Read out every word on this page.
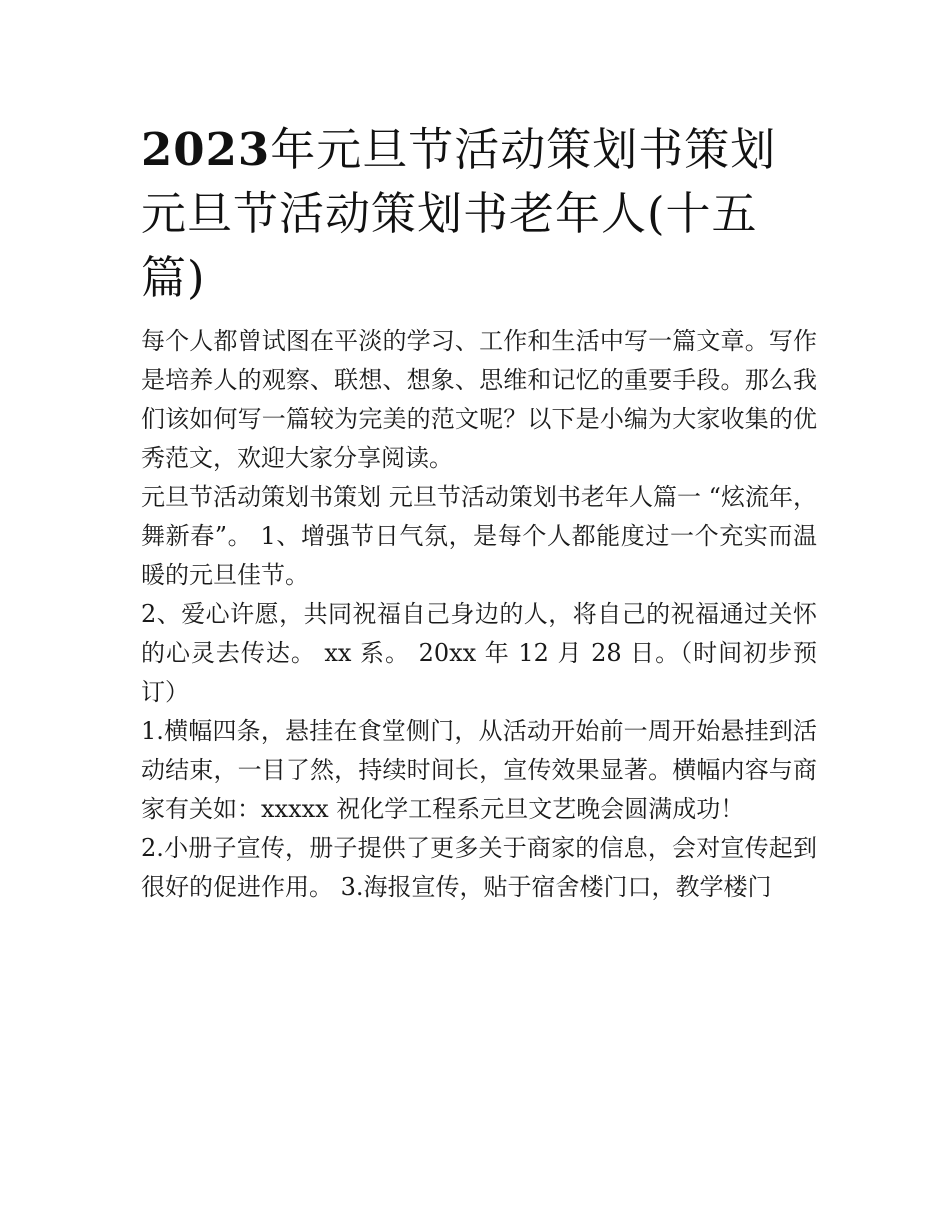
2023年元旦节活动策划书策划元旦节活动策划书老年人(十五篇)

每个人都曾试图在平淡的学习、工作和生活中写一篇文章。写作是培养人的观察、联想、想象、思维和记忆的重要手段。那么我们该如何写一篇较为完美的范文呢？以下是小编为大家收集的优秀范文，欢迎大家分享阅读。

元旦节活动策划书策划 元旦节活动策划书老年人篇一 “炫流年，舞新春”。 1、增强节日气氛，是每个人都能度过一个充实而温暖的元旦佳节。

2、爱心许愿，共同祝福自己身边的人，将自己的祝福通过关怀的心灵去传达。 xx 系。 20xx 年 12 月 28 日。（时间初步预订）

1.横幅四条，悬挂在食堂侧门，从活动开始前一周开始悬挂到活动结束，一目了然，持续时间长，宣传效果显著。横幅内容与商家有关如：xxxxx 祝化学工程系元旦文艺晚会圆满成功！

2.小册子宣传，册子提供了更多关于商家的信息，会对宣传起到很好的促进作用。 3.海报宣传，贴于宿舍楼门口，教学楼门
